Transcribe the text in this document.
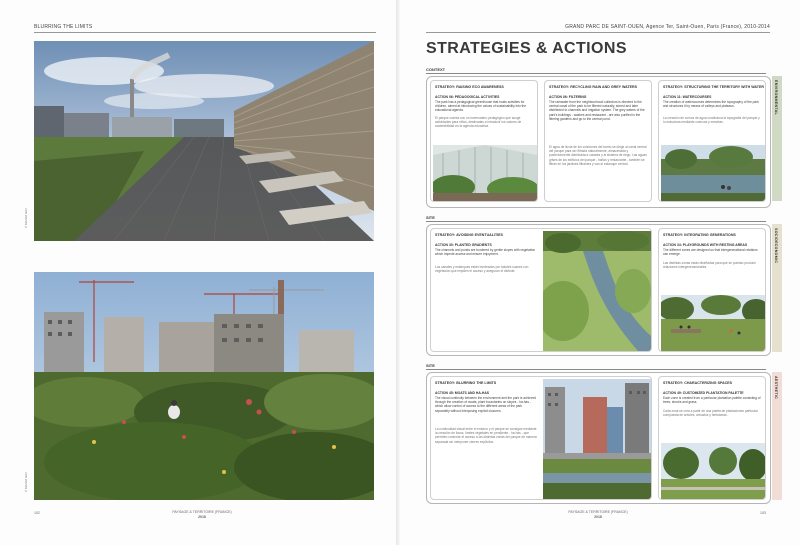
BLURRING THE LIMITS
© MAXIM LEO
© MAXIM LEO
102	PAYSAGE & TERRITOIRE (FRANCE)
2018
GRAND PARC DE SAINT-OUEN, Agence Ter, Saint-Ouen, Paris (France), 2010-2014
STRATEGIES & ACTIONS
CONTEXT
ENVIRONMENTAL
STRATEGY: RAISING ECO AWARENESS
ACTION 06: PEDAGOGICAL ACTIVITIES
The park has a pedagogical greenhouse that hosts activities for children, aimed at introducing the values of sustainability into the educational agenda.
El parque cuenta con un invernadero pedagógico que acoge actividades para niños, destinadas a introducir los valores de sostenibilidad en la agenda educativa.
STRATEGY: RECYCLING RAIN AND GREY WATERS
ACTION 06: FILTERING
The rainwater from the neighbourhood collectors is directed to the central canal of the park to be filtered naturally, stored and later distributed to channels and irrigation system. The grey waters of the park's buildings - washes and restaurant - are also purified in the filtering gardens and go to the central pond.
El agua de lluvia de los colectores del barrio se dirige al canal central del parque para ser filtrada naturalmente, almacenada y posteriormente distribuida a canales y al sistema de riego. Las aguas grises de los edificios del parque - baños y restaurante - también se filtran en los jardines filtrantes y van al estanque central.
STRATEGY: STRUCTURING THE TERRITORY WITH WATER
ACTION 11: WATERCOURSES
The creation of watercourses determines the topography of the park and structures it by means of valleys and plateaus.
La creación de cursos de agua condiciona la topografía del parque y lo estructura mediante cuencas y mesetas.
SITE
SOCIOECONOMIC
STRATEGY: AVOIDING EVENTUALITIES
ACTION 30: PLANTED GRADIENTS
The channels and ponds are bordered by gentle slopes with vegetation which impede access and ensure enjoyment.
Los canales y estanques están bordeados por taludes suaves con vegetación que impiden el acceso y aseguran el disfrute.
STRATEGY: INTEGRATING GENERATIONS
ACTION 34: PLAYGROUNDS WITH RESTING AREAS
The different zones are designed so that intergenerational relations can emerge.
Las distintas zonas están diseñadas para que se puedan producir relaciones intergeneracionales.
SITE
AESTHETIC
STRATEGY: BLURRING THE LIMITS
ACTION 45: MOATS AND HA-HAS
The visual continuity between the environment and the park is achieved through the creation of moats, plant boundaries on slopes - ha-has - which allow control of access to the different areas of the park separately without interposing explicit closures.
La continuidad visual entre el entorno y el parque se consigue mediante la creación de fosos, límites vegetales en pendiente - ha-has - que permiten controlar el acceso a las distintas zonas del parque de manera separada sin interponer cierres explícitos.
STRATEGY: CHARACTERIZING SPACES
ACTION 49: CUSTOMIZED PLANTATION PALETTE
Each zone is created from a particular plantation palette consisting of trees, shrubs and grass.
Cada zona se crea a partir de una paleta de plantaciones particular compuesta de árboles, arbustos y herbáceas.
103
PAYSAGE & TERRITOIRE (FRANCE)
2018
